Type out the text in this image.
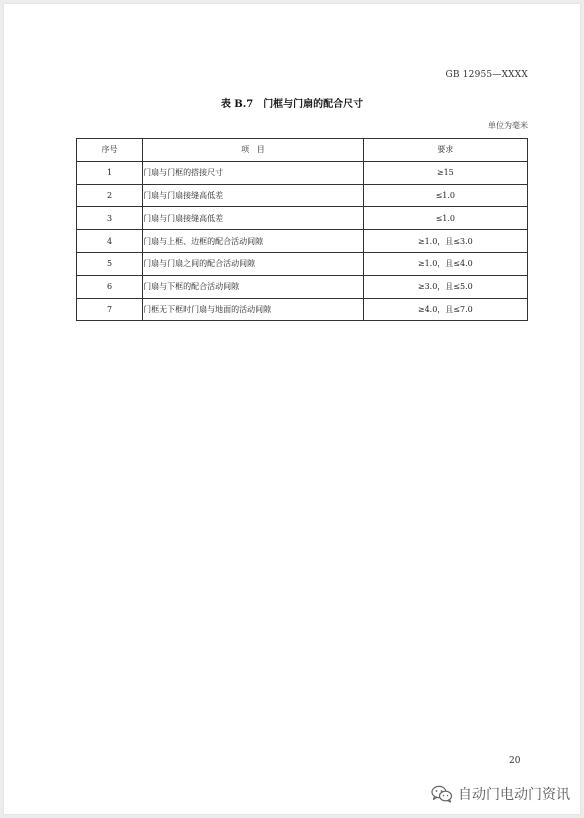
GB 12955—XXXX
表 B.7 门框与门扇的配合尺寸
单位为毫米
序号	项   目	要求
1	门扇与门框的搭接尺寸	≥15
2	门扇与门扇接缝高低差	≤1.0
3	门扇与门扇接缝高低差	≤1.0
4	门扇与上框、边框的配合活动间隙	≥1.0，且≤3.0
5	门扇与门扇之间的配合活动间隙	≥1.0，且≤4.0
6	门扇与下框的配合活动间隙	≥3.0，且≤5.0
7	门框无下框时门扇与地面的活动间隙	≥4.0，且≤7.0
20
自动门电动门资讯
